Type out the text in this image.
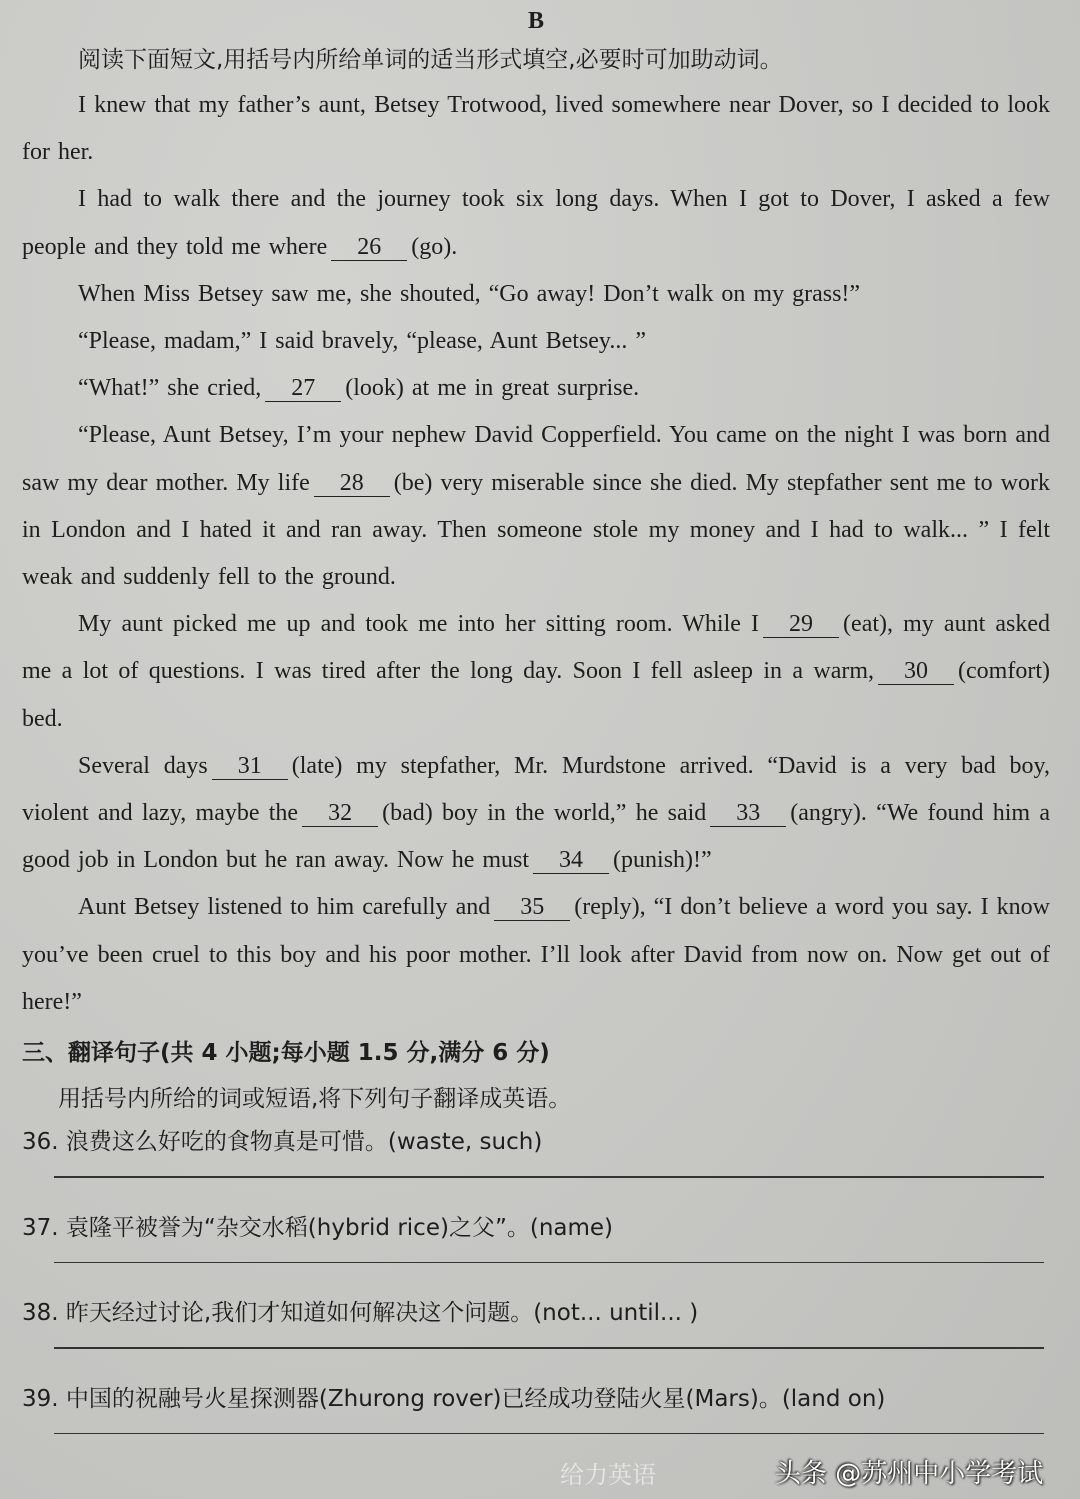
B
阅读下面短文,用括号内所给单词的适当形式填空,必要时可加助动词。
I knew that my father’s aunt, Betsey Trotwood, lived somewhere near Dover, so I decided to look for her.
I had to walk there and the journey took six long days. When I got to Dover, I asked a few people and they told me where 26 (go).
When Miss Betsey saw me, she shouted, “Go away! Don’t walk on my grass!”
“Please, madam,” I said bravely, “please, Aunt Betsey... ”
“What!” she cried, 27 (look) at me in great surprise.
“Please, Aunt Betsey, I’m your nephew David Copperfield. You came on the night I was born and saw my dear mother. My life 28 (be) very miserable since she died. My stepfather sent me to work in London and I hated it and ran away. Then someone stole my money and I had to walk... ” I felt weak and suddenly fell to the ground.
My aunt picked me up and took me into her sitting room. While I 29 (eat), my aunt asked me a lot of questions. I was tired after the long day. Soon I fell asleep in a warm, 30 (comfort) bed.
Several days 31 (late) my stepfather, Mr. Murdstone arrived. “David is a very bad boy, violent and lazy, maybe the 32 (bad) boy in the world,” he said 33 (angry). “We found him a good job in London but he ran away. Now he must 34 (punish)!”
Aunt Betsey listened to him carefully and 35 (reply), “I don’t believe a word you say. I know you’ve been cruel to this boy and his poor mother. I’ll look after David from now on. Now get out of here!”
三、翻译句子(共 4 小题;每小题 1.5 分,满分 6 分)
用括号内所给的词或短语,将下列句子翻译成英语。
36. 浪费这么好吃的食物真是可惜。(waste, such)
37. 袁隆平被誉为“杂交水稻(hybrid rice)之父”。(name)
38. 昨天经过讨论,我们才知道如何解决这个问题。(not... until... )
39. 中国的祝融号火星探测器(Zhurong rover)已经成功登陆火星(Mars)。(land on)
给力英语	头条 @苏州中小学考试
